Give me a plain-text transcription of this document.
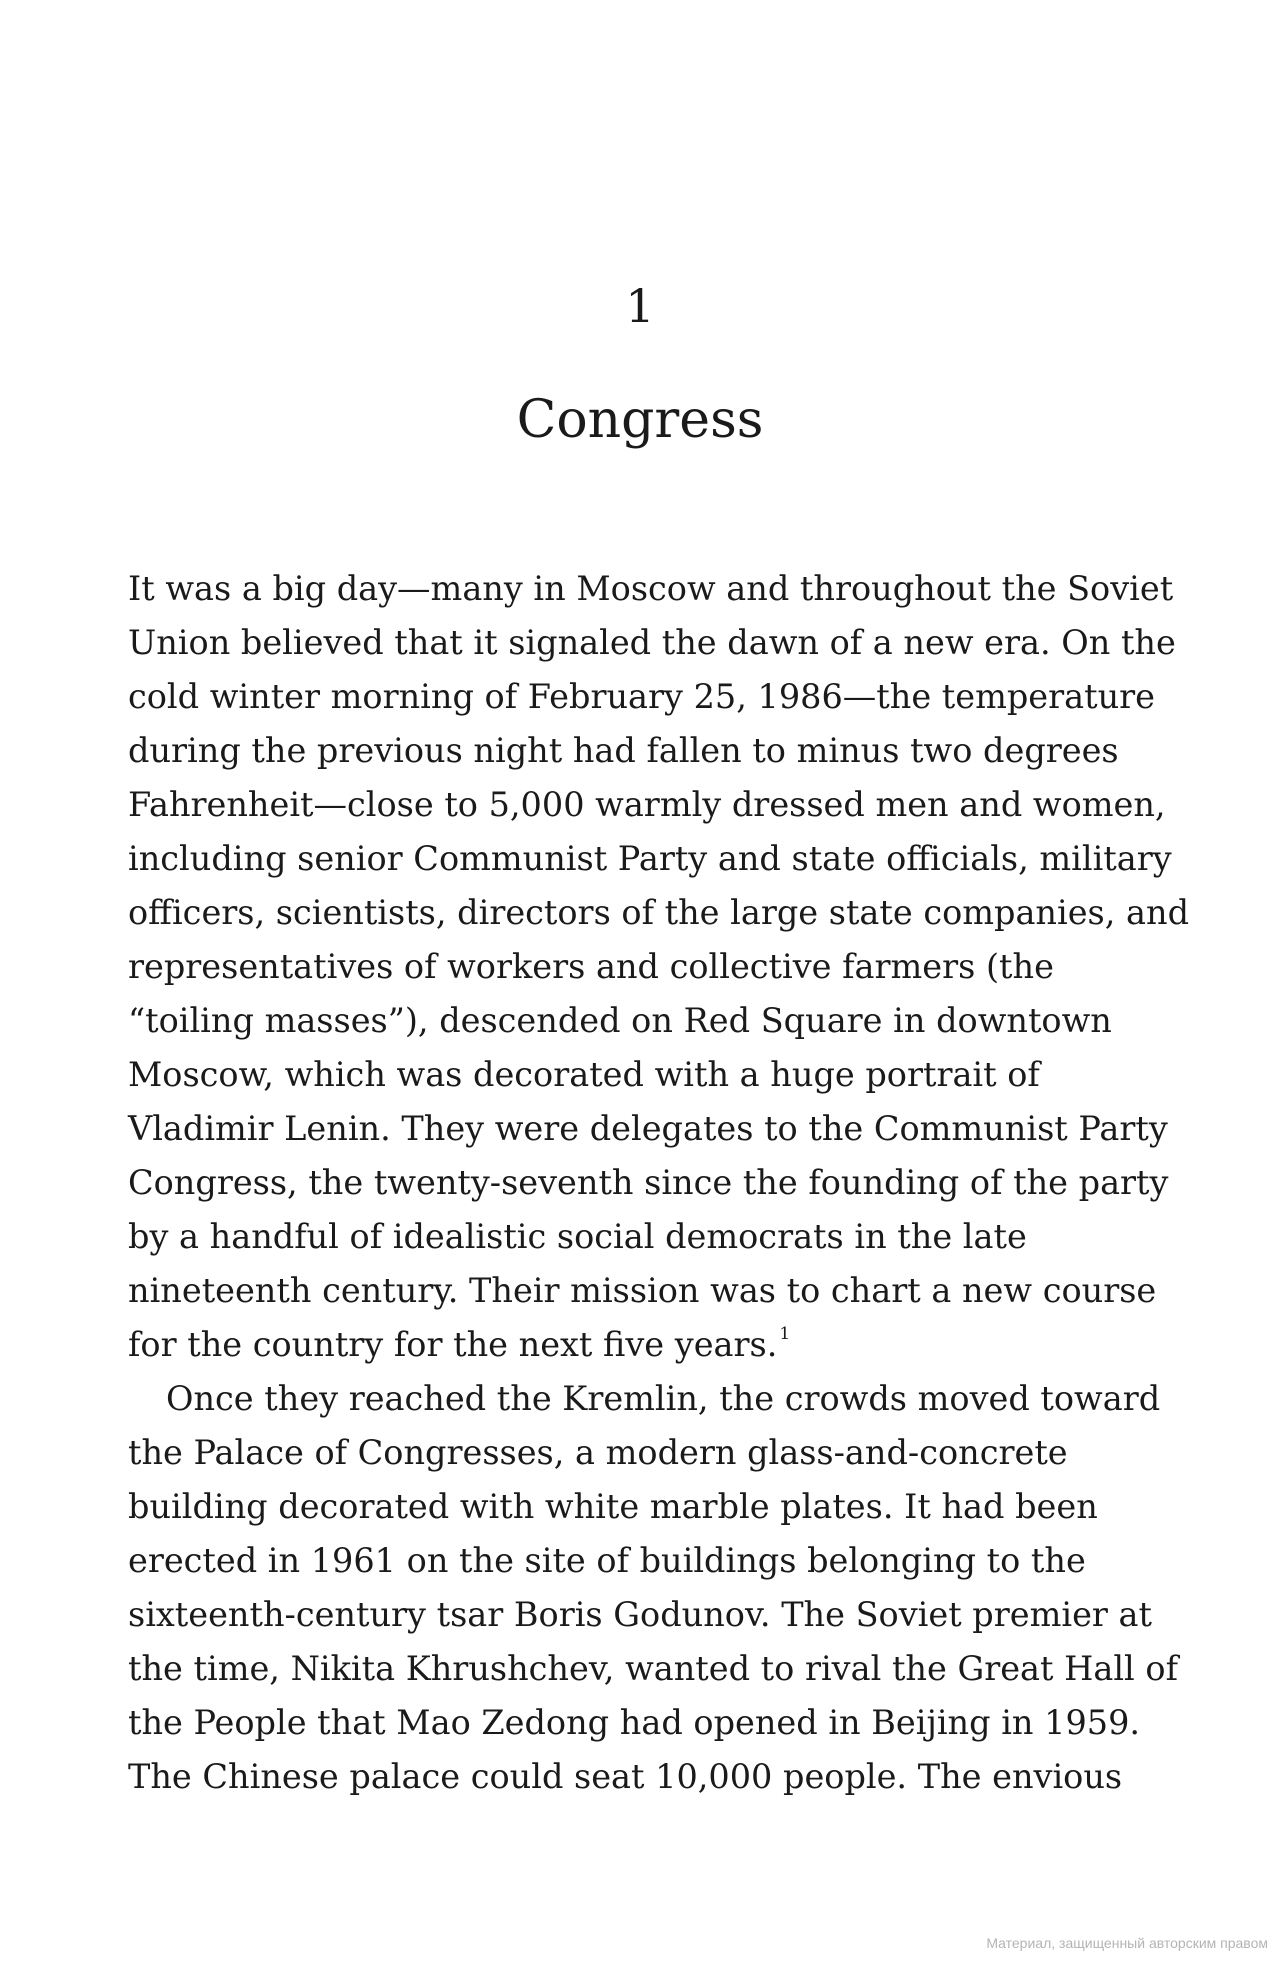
1
Congress
It was a big day—many in Moscow and throughout the Soviet
Union believed that it signaled the dawn of a new era. On the
cold winter morning of February 25, 1986—the temperature
during the previous night had fallen to minus two degrees
Fahrenheit—close to 5,000 warmly dressed men and women,
including senior Communist Party and state officials, military
officers, scientists, directors of the large state companies, and
representatives of workers and collective farmers (the
“toiling masses”), descended on Red Square in downtown
Moscow, which was decorated with a huge portrait of
Vladimir Lenin. They were delegates to the Communist Party
Congress, the twenty-seventh since the founding of the party
by a handful of idealistic social democrats in the late
nineteenth century. Their mission was to chart a new course
for the country for the next five years. $^1$
Once they reached the Kremlin, the crowds moved toward
the Palace of Congresses, a modern glass-and-concrete
building decorated with white marble plates. It had been
erected in 1961 on the site of buildings belonging to the
sixteenth-century tsar Boris Godunov. The Soviet premier at
the time, Nikita Khrushchev, wanted to rival the Great Hall of
the People that Mao Zedong had opened in Beijing in 1959.
The Chinese palace could seat 10,000 people. The envious
Материал, защищенный авторским правом
